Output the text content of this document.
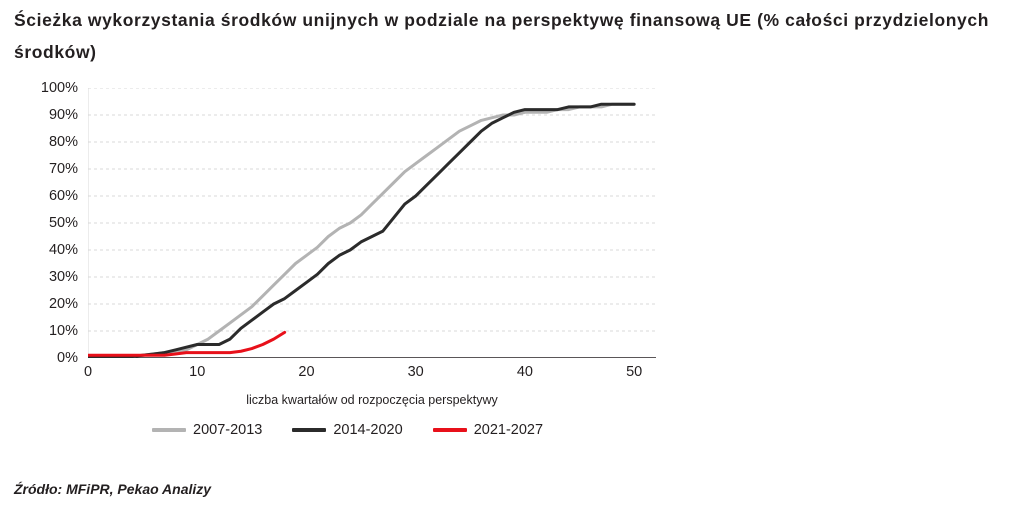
Ścieżka wykorzystania środków unijnych w podziale na perspektywę finansową UE (% całości przydzielonych środków)
0%
10%
20%
30%
40%
50%
60%
70%
80%
90%
100%
0	10	20	30	40	50
liczba kwartałów od rozpoczęcia perspektywy
2007-2013	2014-2020	2021-2027
Źródło: MFiPR, Pekao Analizy
